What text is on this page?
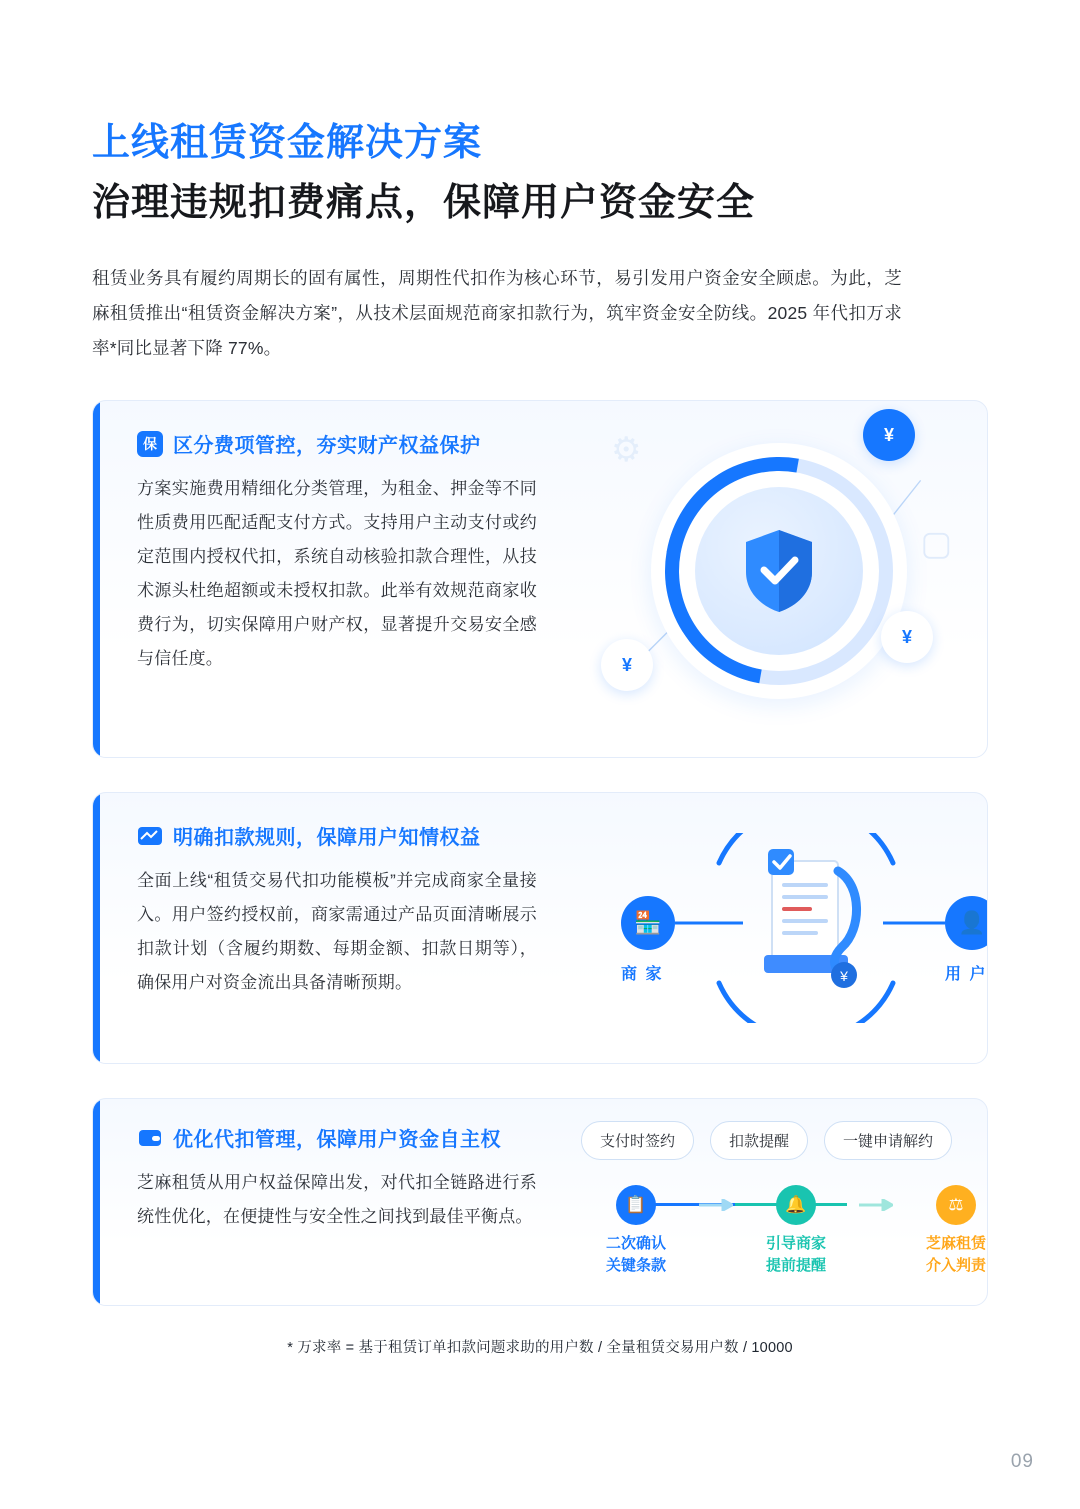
上线租赁资金解决方案
治理违规扣费痛点，保障用户资金安全

租赁业务具有履约周期长的固有属性，周期性代扣作为核心环节，易引发用户资金安全顾虑。为此，芝麻租赁推出“租赁资金解决方案”，从技术层面规范商家扣款行为，筑牢资金安全防线。2025 年代扣万求率*同比显著下降 77%。

保 区分费项管控，夯实财产权益保护
方案实施费用精细化分类管理，为租金、押金等不同性质费用匹配适配支付方式。支持用户主动支付或约定范围内授权代扣，系统自动核验扣款合理性，从技术源头杜绝超额或未授权扣款。此举有效规范商家收费行为，切实保障用户财产权，显著提升交易安全感与信任度。
⚙	¥
¥
¥
明确扣款规则，保障用户知情权益
全面上线“租赁交易代扣功能模板”并完成商家全量接入。用户签约授权前，商家需通过产品页面清晰展示扣款计划（含履约期数、每期金额、扣款日期等），确保用户对资金流出具备清晰预期。
🏪
商 家
👤
用 户
¥
优化代扣管理，保障用户资金自主权
芝麻租赁从用户权益保障出发，对代扣全链路进行系统性优化，在便捷性与安全性之间找到最佳平衡点。
支付时签约	扣款提醒	一键申请解约
📋
二次确认
关键条款
🔔
引导商家
提前提醒
⚖
芝麻租赁
介入判责
* 万求率 = 基于租赁订单扣款问题求助的用户数 / 全量租赁交易用户数 / 10000
09
